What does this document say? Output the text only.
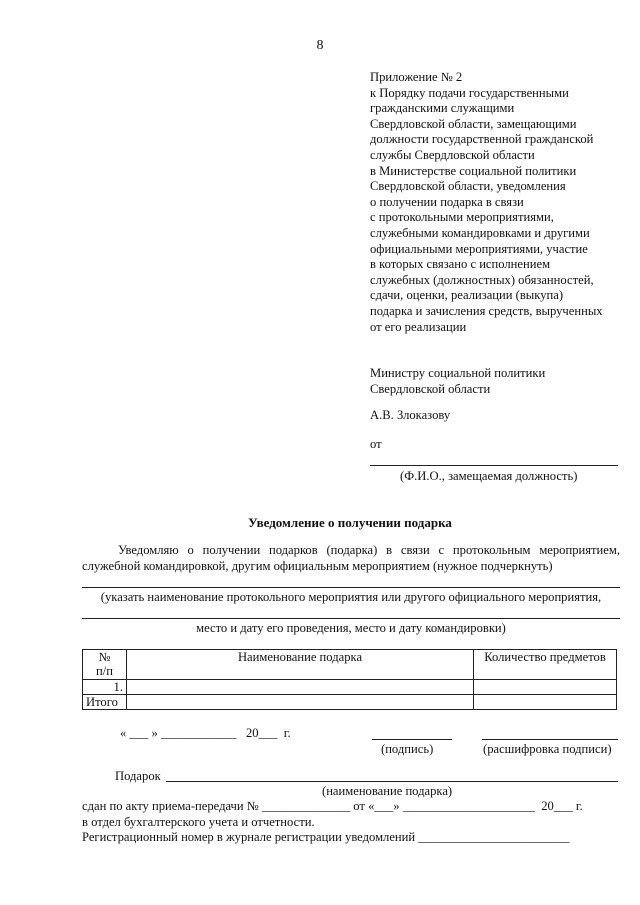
8
Приложение № 2
к Порядку подачи государственными
гражданскими служащими
Свердловской области, замещающими
должности государственной гражданской
службы Свердловской области
в Министерстве социальной политики
Свердловской области, уведомления
о получении подарка в связи
с протокольными мероприятиями,
служебными командировками и другими
официальными мероприятиями, участие
в которых связано с исполнением
служебных (должностных) обязанностей,
сдачи, оценки, реализации (выкупа)
подарка и зачисления средств, вырученных
от его реализации
Министру социальной политики
Свердловской области
А.В. Злоказову
от
(Ф.И.О., замещаемая должность)
Уведомление о получении подарка
Уведомляю о получении подарков (подарка) в связи с протокольным мероприятием,
служебной командировкой, другим официальным мероприятием (нужное подчеркнуть)
(указать наименование протокольного мероприятия или другого официального мероприятия,
место и дату его проведения, место и дату командировки)
№
п/п	Наименование подарка	Количество предметов
1.		
Итого		
« ___ » ____________ 20___ г.
(подпись)	(расшифровка подписи)
Подарок
(наименование подарка)
сдан по акту приема-передачи № ______________ от «___» _____________________ 20___ г.
в отдел бухгалтерского учета и отчетности.
Регистрационный номер в журнале регистрации уведомлений ________________________
